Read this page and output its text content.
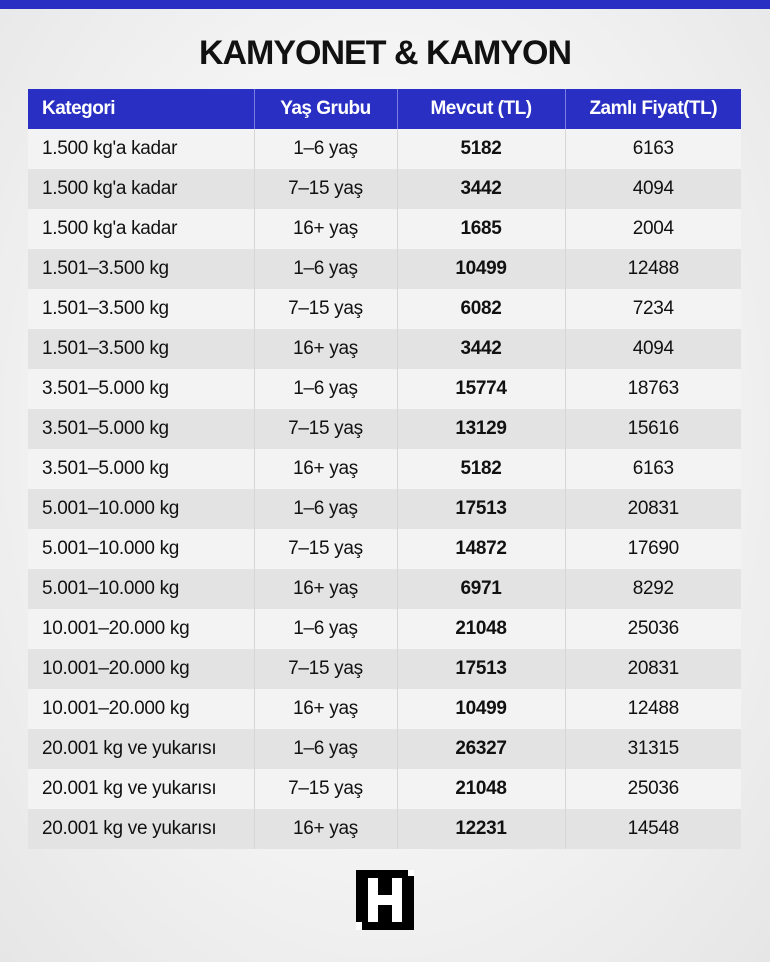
KAMYONET & KAMYON
Kategori	Yaş Grubu	Mevcut (TL)	Zamlı Fiyat(TL)
1.500 kg'a kadar	1–6 yaş	5182	6163
1.500 kg'a kadar	7–15 yaş	3442	4094
1.500 kg'a kadar	16+ yaş	1685	2004
1.501–3.500 kg	1–6 yaş	10499	12488
1.501–3.500 kg	7–15 yaş	6082	7234
1.501–3.500 kg	16+ yaş	3442	4094
3.501–5.000 kg	1–6 yaş	15774	18763
3.501–5.000 kg	7–15 yaş	13129	15616
3.501–5.000 kg	16+ yaş	5182	6163
5.001–10.000 kg	1–6 yaş	17513	20831
5.001–10.000 kg	7–15 yaş	14872	17690
5.001–10.000 kg	16+ yaş	6971	8292
10.001–20.000 kg	1–6 yaş	21048	25036
10.001–20.000 kg	7–15 yaş	17513	20831
10.001–20.000 kg	16+ yaş	10499	12488
20.001 kg ve yukarısı	1–6 yaş	26327	31315
20.001 kg ve yukarısı	7–15 yaş	21048	25036
20.001 kg ve yukarısı	16+ yaş	12231	14548
